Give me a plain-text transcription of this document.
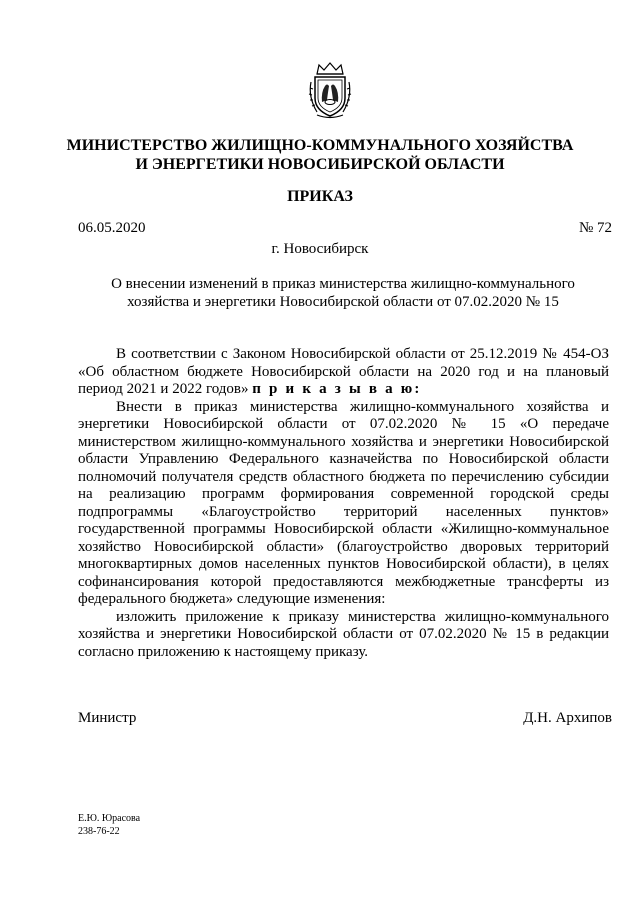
МИНИСТЕРСТВО ЖИЛИЩНО-КОММУНАЛЬНОГО ХОЗЯЙСТВА
И ЭНЕРГЕТИКИ НОВОСИБИРСКОЙ ОБЛАСТИ
ПРИКАЗ
06.05.2020	№ 72
г. Новосибирск
О внесении изменений в приказ министерства жилищно-коммунального
хозяйства и энергетики Новосибирской области от 07.02.2020 № 15

В соответствии с Законом Новосибирской области от 25.12.2019 № 454-ОЗ «Об областном бюджете Новосибирской области на 2020 год и на плановый период 2021 и 2022 годов» п р и к а з ы в а ю:

Внести в приказ министерства жилищно-коммунального хозяйства и энергетики Новосибирской области от 07.02.2020 № 15 «О передаче министерством жилищно-коммунального хозяйства и энергетики Новосибирской области Управлению Федерального казначейства по Новосибирской области полномочий получателя средств областного бюджета по перечислению субсидии на реализацию программ формирования современной городской среды подпрограммы «Благоустройство территорий населенных пунктов» государственной программы Новосибирской области «Жилищно-коммунальное хозяйство Новосибирской области» (благоустройство дворовых территорий многоквартирных домов населенных пунктов Новосибирской области), в целях софинансирования которой предоставляются межбюджетные трансферты из федерального бюджета» следующие изменения:

изложить приложение к приказу министерства жилищно-коммунального хозяйства и энергетики Новосибирской области от 07.02.2020 № 15 в редакции согласно приложению к настоящему приказу.

Министр	Д.Н. Архипов
Е.Ю. Юрасова
238-76-22
